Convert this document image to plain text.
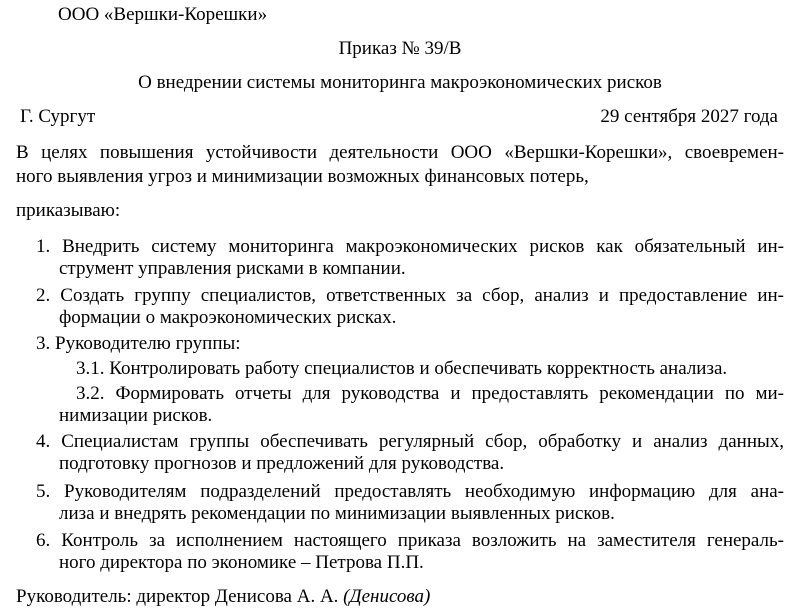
ООО «Вершки-Корешки»
Приказ № 39/В
О внедрении системы мониторинга макроэкономических рисков
Г. Сургут	29 сентября 2027 года
В целях повышения устойчивости деятельности ООО «Вершки-Корешки», своевремен-
ного выявления угроз и минимизации возможных финансовых потерь,
приказываю:
1. Внедрить систему мониторинга макроэкономических рисков как обязательный ин-
струмент управления рисками в компании.
2. Создать группу специалистов, ответственных за сбор, анализ и предоставление ин-
формации о макроэкономических рисках.
3. Руководителю группы:
3.1. Контролировать работу специалистов и обеспечивать корректность анализа.
3.2. Формировать отчеты для руководства и предоставлять рекомендации по ми-
нимизации рисков.
4. Специалистам группы обеспечивать регулярный сбор, обработку и анализ данных,
подготовку прогнозов и предложений для руководства.
5. Руководителям подразделений предоставлять необходимую информацию для ана-
лиза и внедрять рекомендации по минимизации выявленных рисков.
6. Контроль за исполнением настоящего приказа возложить на заместителя генераль-
ного директора по экономике – Петрова П.П.
Руководитель: директор Денисова А. А. (Денисова)
